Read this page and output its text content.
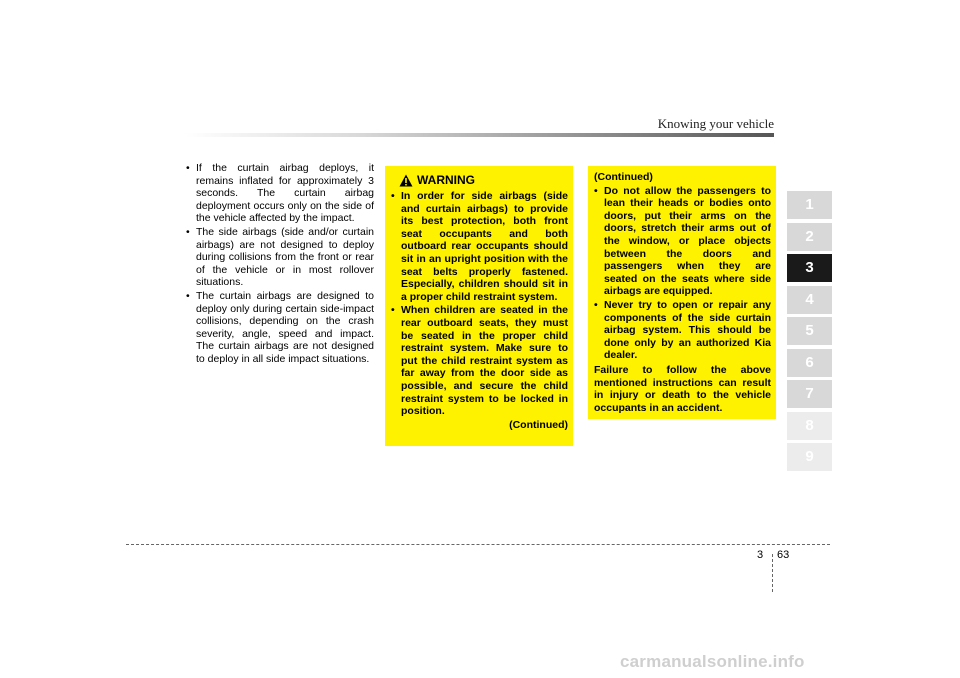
Knowing your vehicle

• If the curtain airbag deploys, it remains inflated for approximately 3 seconds. The curtain airbag deployment occurs only on the side of the vehicle affected by the impact.

• The side airbags (side and/or curtain airbags) are not designed to deploy during collisions from the front or rear of the vehicle or in most rollover situations.

• The curtain airbags are designed to deploy only during certain side-impact collisions, depending on the crash severity, angle, speed and impact. The curtain airbags are not designed to deploy in all side impact situations.

WARNING
• In order for side airbags (side and curtain airbags) to provide its best protection, both front seat occupants and both outboard rear occupants should sit in an upright position with the seat belts properly fastened. Especially, children should sit in a proper child restraint system.
• When children are seated in the rear outboard seats, they must be seated in the proper child restraint system. Make sure to put the child restraint system as far away from the door side as possible, and secure the child restraint system to be locked in position.
(Continued)
(Continued)
• Do not allow the passengers to lean their heads or bodies onto doors, put their arms on the doors, stretch their arms out of the window, or place objects between the doors and passengers when they are seated on the seats where side airbags are equipped.
• Never try to open or repair any components of the side curtain airbag system. This should be done only by an authorized Kia dealer.
Failure to follow the above mentioned instructions can result in injury or death to the vehicle occupants in an accident.
1
2
3
4
5
6
7
8
9
3 63
carmanualsonline.info
